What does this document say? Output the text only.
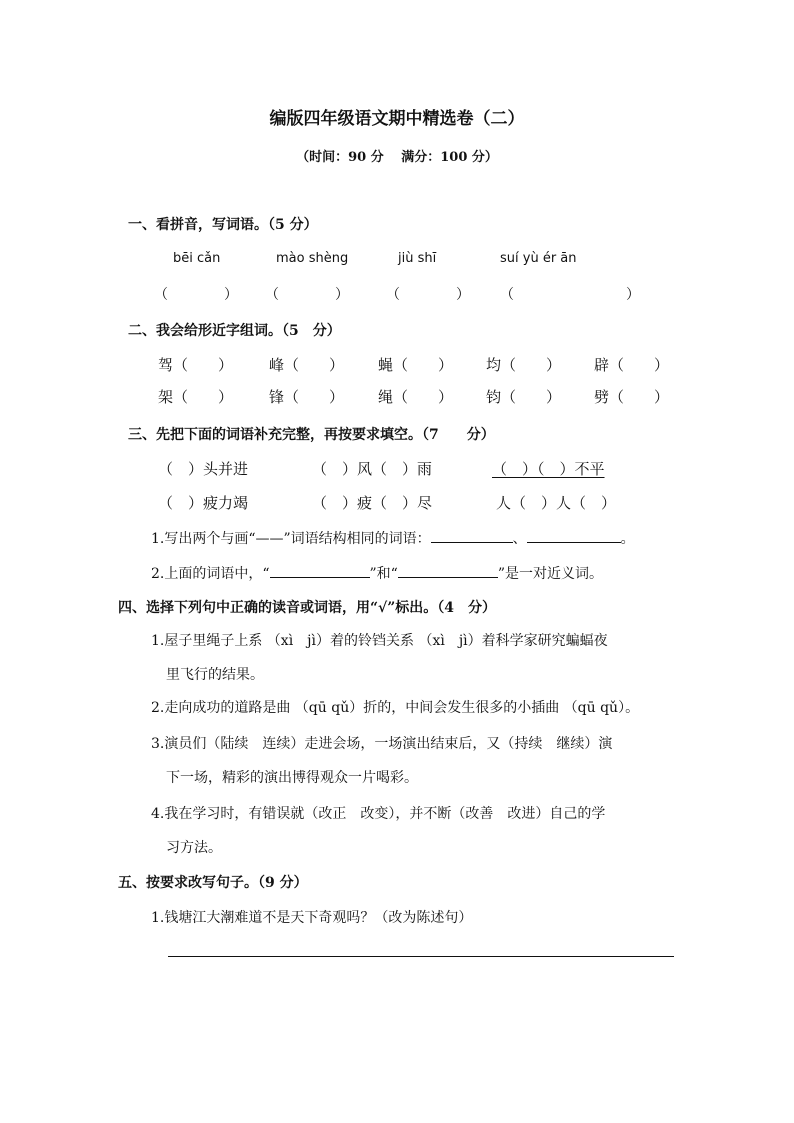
编版四年级语文期中精选卷（二）
（时间：90 分　 满分：100 分）
一、看拼音，写词语。（5 分）
bēi cǎn	mào shèng	jiù shī	suí yù ér ān
（　　　　） （　　　　）	（　　　　） （　　　　　　　　）
二、我会给形近字组词。（5　分）
驾（　　） 峰（　　） 蝇（　　） 均（　　） 辟（　　）
架（　　） 锋（　　） 绳（　　） 钧（　　） 劈（　　）
三、先把下面的词语补充完整，再按要求填空。（7　　分）
（　）头并进	（　）风（　）雨	（　）（　）不平
（　）疲力竭	（　）疲（　）尽	人（　）人（　）
1.写出两个与画“——”词语结构相同的词语：	、	。
2.上面的词语中，“	”和“	”是一对近义词。
四、选择下列句中正确的读音或词语，用“√”标出。（4　分）
1.屋子里绳子上系 （xì　jì）着的铃铛关系 （xì　jì）着科学家研究蝙蝠夜
里飞行的结果。
2.走向成功的道路是曲 （qū qǔ）折的，中间会发生很多的小插曲 （qū qǔ）。
3.演员们（陆续　连续）走进会场，一场演出结束后，又（持续　继续）演
下一场，精彩的演出博得观众一片喝彩。
4.我在学习时，有错误就（改正　改变），并不断（改善　改进）自己的学
习方法。
五、按要求改写句子。（9 分）
1.钱塘江大潮难道不是天下奇观吗？（改为陈述句）
